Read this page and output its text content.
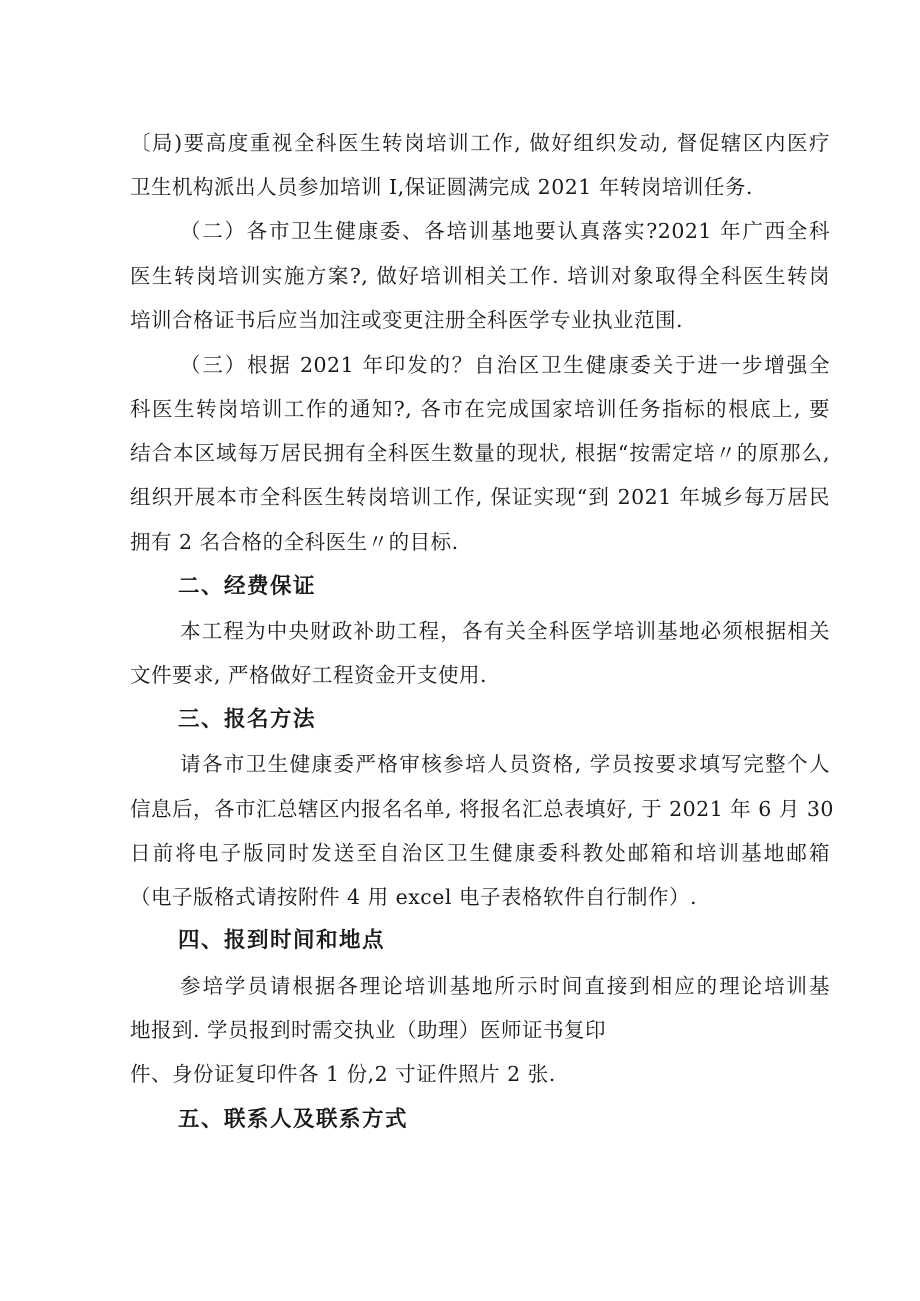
〔局)要高度重视全科医生转岗培训工作, 做好组织发动, 督促辖区内医疗
卫生机构派出人员参加培训 I,保证圆满完成 2021 年转岗培训任务.
（二）各市卫生健康委、各培训基地要认真落实?2021 年广西全科
医生转岗培训实施方案?, 做好培训相关工作. 培训对象取得全科医生转岗
培训合格证书后应当加注或变更注册全科医学专业执业范围.
（三）根据 2021 年印发的？自治区卫生健康委关于进一步增强全
科医生转岗培训工作的通知?, 各市在完成国家培训任务指标的根底上, 要
结合本区域每万居民拥有全科医生数量的现状, 根据“按需定培〃的原那么,
组织开展本市全科医生转岗培训工作, 保证实现“到 2021 年城乡每万居民
拥有 2 名合格的全科医生〃的目标.
二、经费保证
本工程为中央财政补助工程，各有关全科医学培训基地必须根据相关
文件要求, 严格做好工程资金开支使用.
三、报名方法
请各市卫生健康委严格审核参培人员资格, 学员按要求填写完整个人
信息后，各市汇总辖区内报名名单, 将报名汇总表填好, 于 2021 年 6 月 30
日前将电子版同时发送至自治区卫生健康委科教处邮箱和培训基地邮箱
（电子版格式请按附件 4 用 excel 电子表格软件自行制作）.
四、报到时间和地点
参培学员请根据各理论培训基地所示时间直接到相应的理论培训基
地报到. 学员报到时需交执业（助理）医师证书复印
件、身份证复印件各 1 份,2 寸证件照片 2 张.
五、联系人及联系方式
